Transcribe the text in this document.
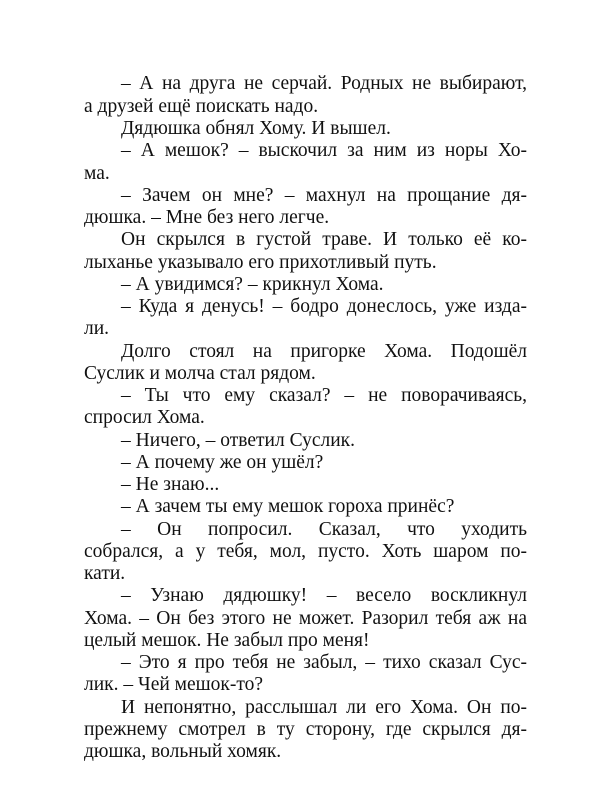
– А на друга не серчай. Родных не выбирают,
а друзей ещё поискать надо.
Дядюшка обнял Хому. И вышел.
– А мешок? – выскочил за ним из норы Хо-
ма.
– Зачем он мне? – махнул на прощание дя-
дюшка. – Мне без него легче.
Он скрылся в густой траве. И только её ко-
лыханье указывало его прихотливый путь.
– А увидимся? – крикнул Хома.
– Куда я денусь! – бодро донеслось, уже изда-
ли.
Долго стоял на пригорке Хома. Подошёл
Суслик и молча стал рядом.
– Ты что ему сказал? – не поворачиваясь,
спросил Хома.
– Ничего, – ответил Суслик.
– А почему же он ушёл?
– Не знаю...
– А зачем ты ему мешок гороха принёс?
– Он попросил. Сказал, что уходить
собрался, а у тебя, мол, пусто. Хоть шаром по-
кати.
– Узнаю дядюшку! – весело воскликнул
Хома. – Он без этого не может. Разорил тебя аж на
целый мешок. Не забыл про меня!
– Это я про тебя не забыл, – тихо сказал Сус-
лик. – Чей мешок-то?
И непонятно, расслышал ли его Хома. Он по-
прежнему смотрел в ту сторону, где скрылся дя-
дюшка, вольный хомяк.
